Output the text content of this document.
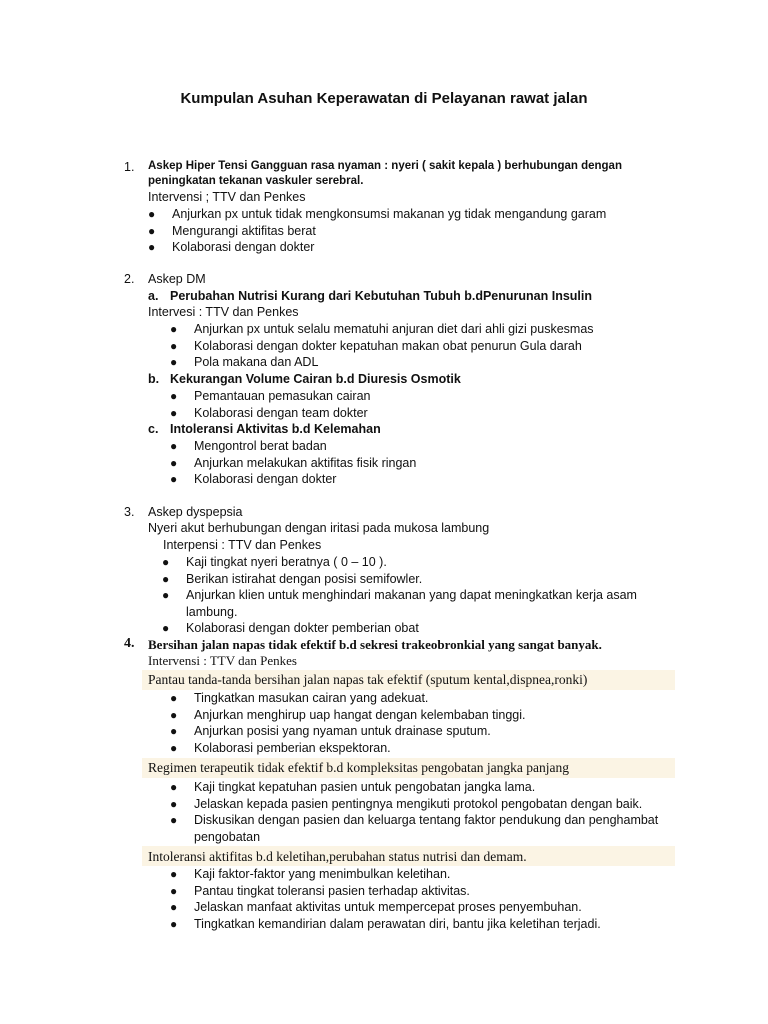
Kumpulan Asuhan Keperawatan di Pelayanan rawat jalan
1. Askep Hiper Tensi Gangguan rasa nyaman : nyeri ( sakit kepala ) berhubungan dengan
peningkatan tekanan vaskuler serebral.
Intervensi ; TTV dan Penkes
● Anjurkan px untuk tidak mengkonsumsi makanan yg tidak mengandung garam
● Mengurangi aktifitas berat
● Kolaborasi dengan dokter
2. Askep DM
a. Perubahan Nutrisi Kurang dari Kebutuhan Tubuh b.dPenurunan Insulin
Intervesi : TTV dan Penkes
● Anjurkan px untuk selalu mematuhi anjuran diet dari ahli gizi puskesmas
● Kolaborasi dengan dokter kepatuhan makan obat penurun Gula darah
● Pola makana dan ADL
b. Kekurangan Volume Cairan b.d Diuresis Osmotik
● Pemantauan pemasukan cairan
● Kolaborasi dengan team dokter
c. Intoleransi Aktivitas b.d Kelemahan
● Mengontrol berat badan
● Anjurkan melakukan aktifitas fisik ringan
● Kolaborasi dengan dokter
3. Askep dyspepsia
Nyeri akut berhubungan dengan iritasi pada mukosa lambung
Interpensi : TTV dan Penkes
● Kaji tingkat nyeri beratnya ( 0 – 10 ).
● Berikan istirahat dengan posisi semifowler.
● Anjurkan klien untuk menghindari makanan yang dapat meningkatkan kerja asam lambung.
● Kolaborasi dengan dokter pemberian obat
4. Bersihan jalan napas tidak efektif b.d sekresi trakeobronkial yang sangat banyak.
Intervensi : TTV dan Penkes
Pantau tanda-tanda bersihan jalan napas tak efektif (sputum kental,dispnea,ronki)
● Tingkatkan masukan cairan yang adekuat.
● Anjurkan menghirup uap hangat dengan kelembaban tinggi.
● Anjurkan posisi yang nyaman untuk drainase sputum.
● Kolaborasi pemberian ekspektoran.
Regimen terapeutik tidak efektif b.d kompleksitas pengobatan jangka panjang
● Kaji tingkat kepatuhan pasien untuk pengobatan jangka lama.
● Jelaskan kepada pasien pentingnya mengikuti protokol pengobatan dengan baik.
● Diskusikan dengan pasien dan keluarga tentang faktor pendukung dan penghambat pengobatan
Intoleransi aktifitas b.d keletihan,perubahan status nutrisi dan demam.
● Kaji faktor-faktor yang menimbulkan keletihan.
● Pantau tingkat toleransi pasien terhadap aktivitas.
● Jelaskan manfaat aktivitas untuk mempercepat proses penyembuhan.
● Tingkatkan kemandirian dalam perawatan diri, bantu jika keletihan terjadi.
